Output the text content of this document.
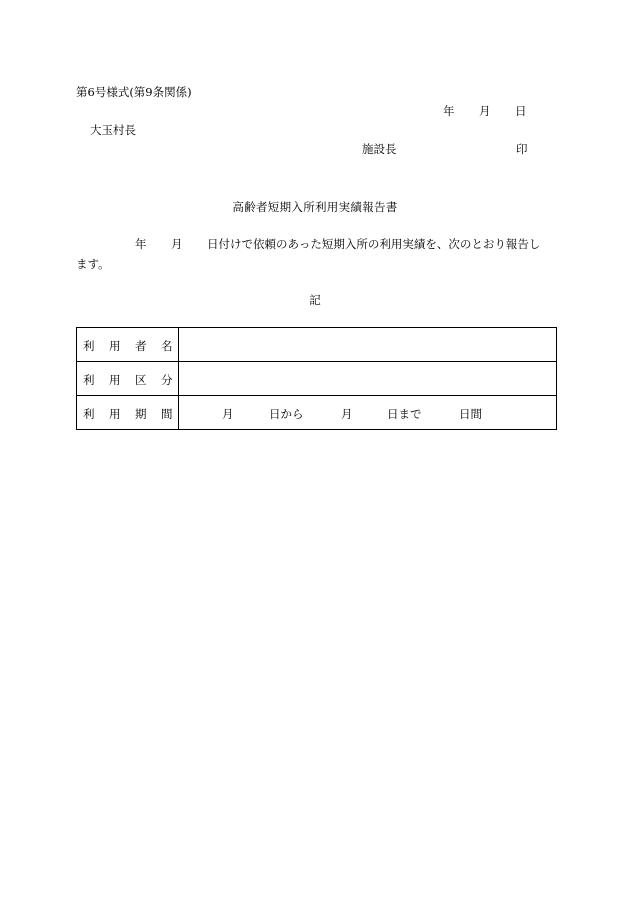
第6号様式(第9条関係)
年 月 日
大玉村長
施設長	印
高齢者短期入所利用実績報告書
年 月 日付けで依頼のあった短期入所の利用実績を、次のとおり報告し
ます。
記
利 用 者 名	

利 用 区 分	

利 用 期 間	月 日から 月 日まで 日間
